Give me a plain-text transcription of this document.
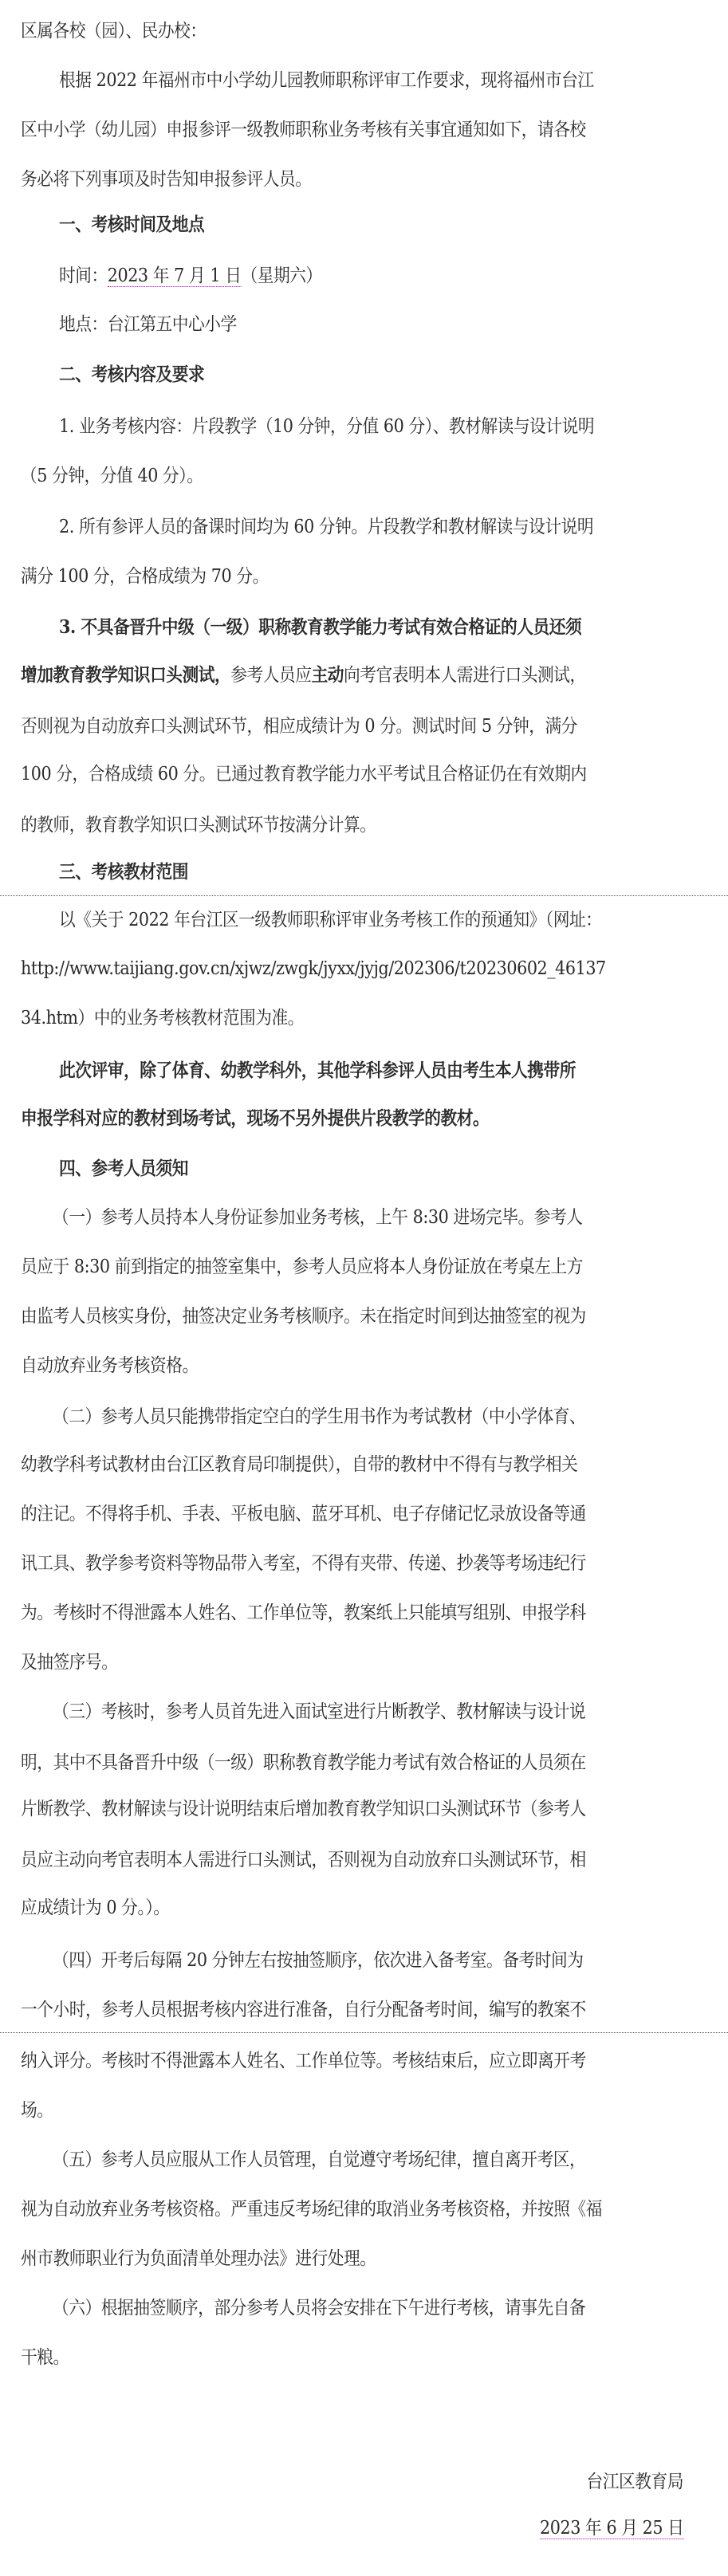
区属各校（园）、民办校：
根据 2022 年福州市中小学幼儿园教师职称评审工作要求，现将福州市台江
区中小学（幼儿园）申报参评一级教师职称业务考核有关事宜通知如下，请各校
务必将下列事项及时告知申报参评人员。
一、考核时间及地点
时间：2023 年 7 月 1 日（星期六）
地点：台江第五中心小学
二、考核内容及要求
1. 业务考核内容：片段教学（10 分钟，分值 60 分）、教材解读与设计说明
（5 分钟，分值 40 分）。
2. 所有参评人员的备课时间均为 60 分钟。片段教学和教材解读与设计说明
满分 100 分，合格成绩为 70 分。
3. 不具备晋升中级（一级）职称教育教学能力考试有效合格证的人员还须
增加教育教学知识口头测试，参考人员应主动向考官表明本人需进行口头测试，
否则视为自动放弃口头测试环节，相应成绩计为 0 分。测试时间 5 分钟，满分
100 分，合格成绩 60 分。已通过教育教学能力水平考试且合格证仍在有效期内
的教师，教育教学知识口头测试环节按满分计算。
三、考核教材范围
以《关于 2022 年台江区一级教师职称评审业务考核工作的预通知》（网址：
http://www.taijiang.gov.cn/xjwz/zwgk/jyxx/jyjg/202306/t20230602_46137
34.htm）中的业务考核教材范围为准。
此次评审，除了体育、幼教学科外，其他学科参评人员由考生本人携带所
申报学科对应的教材到场考试，现场不另外提供片段教学的教材。
四、参考人员须知
（一）参考人员持本人身份证参加业务考核，上午 8:30 进场完毕。参考人
员应于 8:30 前到指定的抽签室集中，参考人员应将本人身份证放在考桌左上方
由监考人员核实身份，抽签决定业务考核顺序。未在指定时间到达抽签室的视为
自动放弃业务考核资格。
（二）参考人员只能携带指定空白的学生用书作为考试教材（中小学体育、
幼教学科考试教材由台江区教育局印制提供），自带的教材中不得有与教学相关
的注记。不得将手机、手表、平板电脑、蓝牙耳机、电子存储记忆录放设备等通
讯工具、教学参考资料等物品带入考室，不得有夹带、传递、抄袭等考场违纪行
为。考核时不得泄露本人姓名、工作单位等，教案纸上只能填写组别、申报学科
及抽签序号。
（三）考核时，参考人员首先进入面试室进行片断教学、教材解读与设计说
明，其中不具备晋升中级（一级）职称教育教学能力考试有效合格证的人员须在
片断教学、教材解读与设计说明结束后增加教育教学知识口头测试环节（参考人
员应主动向考官表明本人需进行口头测试，否则视为自动放弃口头测试环节，相
应成绩计为 0 分。）。
（四）开考后每隔 20 分钟左右按抽签顺序，依次进入备考室。备考时间为
一个小时，参考人员根据考核内容进行准备，自行分配备考时间，编写的教案不
纳入评分。考核时不得泄露本人姓名、工作单位等。考核结束后，应立即离开考
场。
（五）参考人员应服从工作人员管理，自觉遵守考场纪律，擅自离开考区，
视为自动放弃业务考核资格。严重违反考场纪律的取消业务考核资格，并按照《福
州市教师职业行为负面清单处理办法》进行处理。
（六）根据抽签顺序，部分参考人员将会安排在下午进行考核，请事先自备
干粮。
台江区教育局
2023 年 6 月 25 日
